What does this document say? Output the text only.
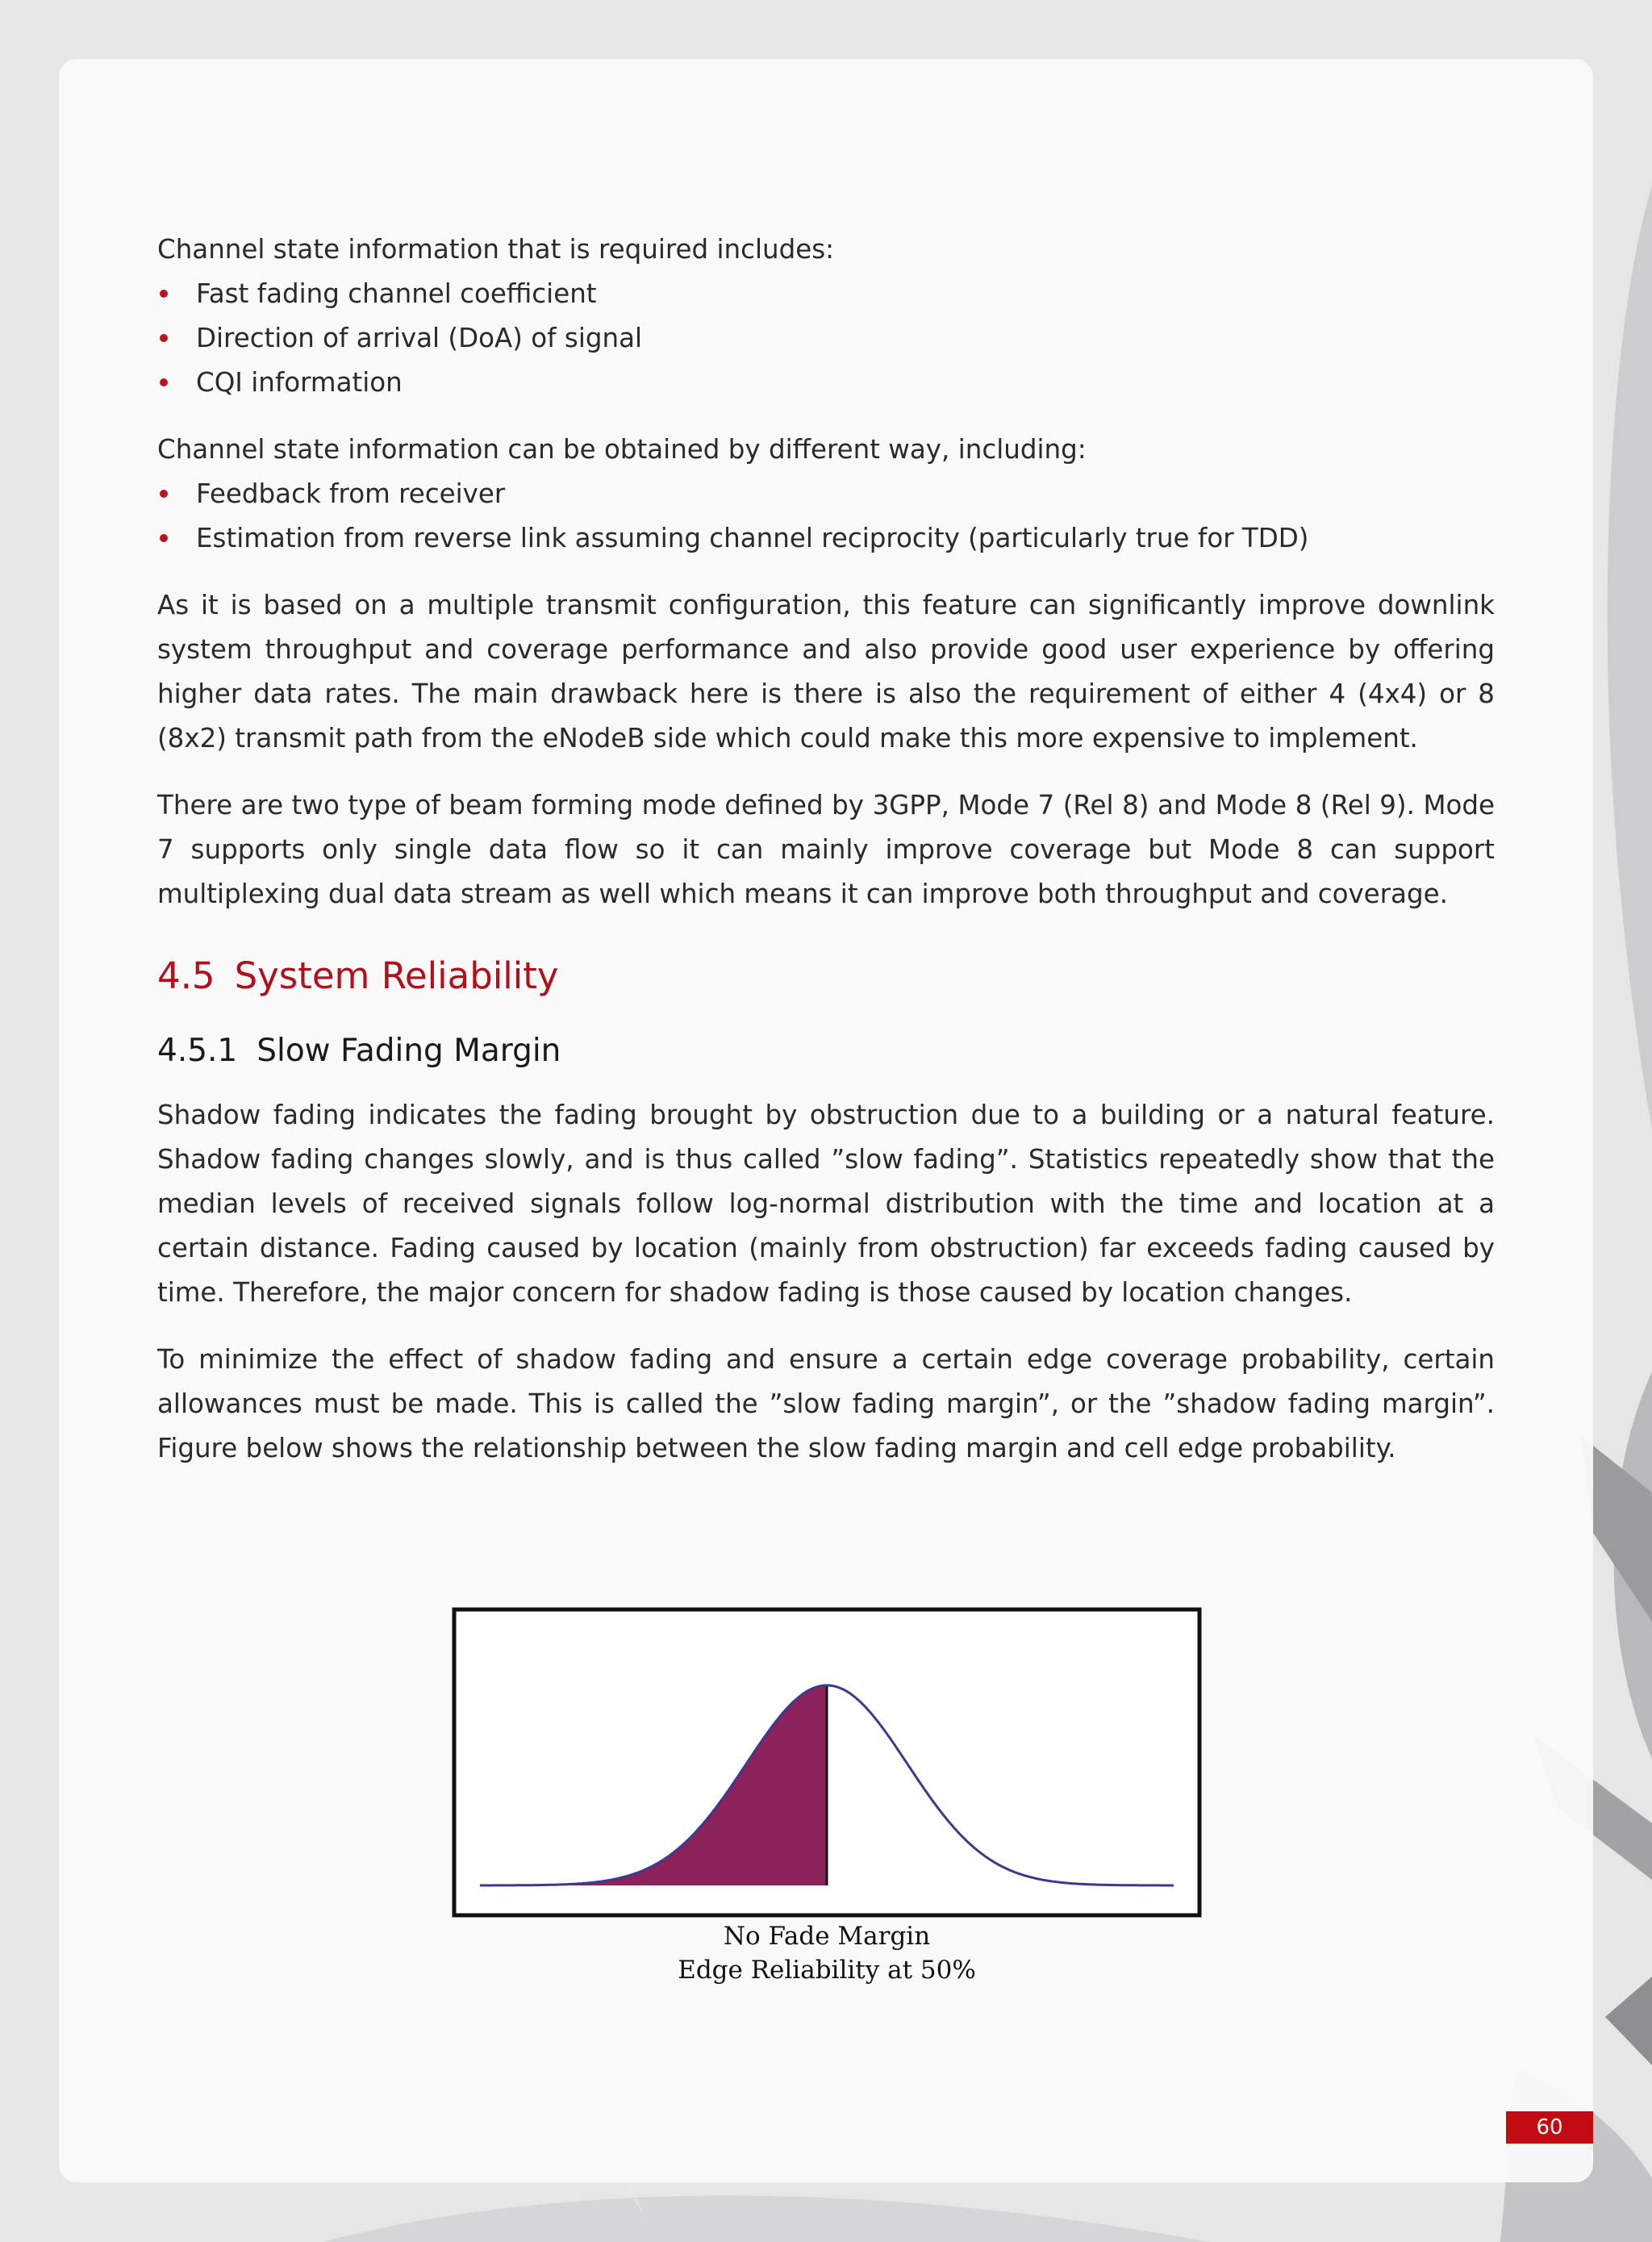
Channel state information that is required includes:

Fast fading channel coefficient
Direction of arrival (DoA) of signal
CQI information

Channel state information can be obtained by different way, including:

Feedback from receiver
Estimation from reverse link assuming channel reciprocity (particularly true for TDD)

As it is based on a multiple transmit configuration, this feature can significantly improve downlink system throughput and coverage performance and also provide good user experience by offering higher data rates. The main drawback here is there is also the requirement of either 4 (4x4) or 8 (8x2) transmit path from the eNodeB side which could make this more expensive to implement.

There are two type of beam forming mode defined by 3GPP, Mode 7 (Rel 8) and Mode 8 (Rel 9). Mode 7 supports only single data flow so it can mainly improve coverage but Mode 8 can support multiplexing dual data stream as well which means it can improve both throughput and coverage.

4.5 System Reliability
4.5.1 Slow Fading Margin

Shadow fading indicates the fading brought by obstruction due to a building or a natural feature. Shadow fading changes slowly, and is thus called ”slow fading”. Statistics repeatedly show that the median levels of received signals follow log-normal distribution with the time and location at a certain distance. Fading caused by location (mainly from obstruction) far exceeds fading caused by time. Therefore, the major concern for shadow fading is those caused by location changes.

To minimize the effect of shadow fading and ensure a certain edge coverage probability, certain allowances must be made. This is called the ”slow fading margin”, or the ”shadow fading margin”. Figure below shows the relationship between the slow fading margin and cell edge probability.

No Fade Margin
Edge Reliability at 50%
60
